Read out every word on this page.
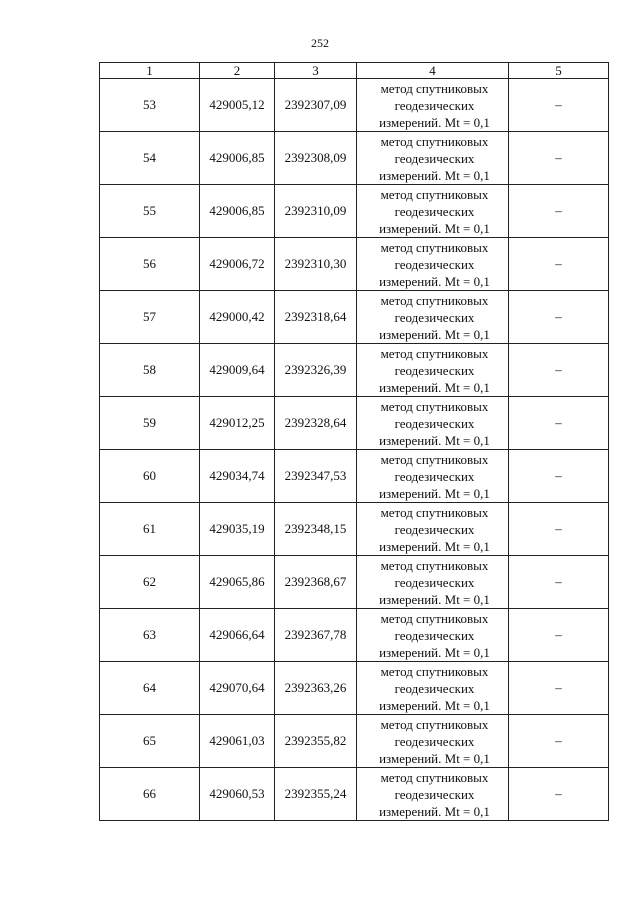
252
1	2	3	4	5
53	429005,12	2392307,09	метод спутниковых
геодезических
измерений. Mt = 0,1	–
54	429006,85	2392308,09	метод спутниковых
геодезических
измерений. Mt = 0,1	–
55	429006,85	2392310,09	метод спутниковых
геодезических
измерений. Mt = 0,1	–
56	429006,72	2392310,30	метод спутниковых
геодезических
измерений. Mt = 0,1	–
57	429000,42	2392318,64	метод спутниковых
геодезических
измерений. Mt = 0,1	–
58	429009,64	2392326,39	метод спутниковых
геодезических
измерений. Mt = 0,1	–
59	429012,25	2392328,64	метод спутниковых
геодезических
измерений. Mt = 0,1	–
60	429034,74	2392347,53	метод спутниковых
геодезических
измерений. Mt = 0,1	–
61	429035,19	2392348,15	метод спутниковых
геодезических
измерений. Mt = 0,1	–
62	429065,86	2392368,67	метод спутниковых
геодезических
измерений. Mt = 0,1	–
63	429066,64	2392367,78	метод спутниковых
геодезических
измерений. Mt = 0,1	–
64	429070,64	2392363,26	метод спутниковых
геодезических
измерений. Mt = 0,1	–
65	429061,03	2392355,82	метод спутниковых
геодезических
измерений. Mt = 0,1	–
66	429060,53	2392355,24	метод спутниковых
геодезических
измерений. Mt = 0,1	–
